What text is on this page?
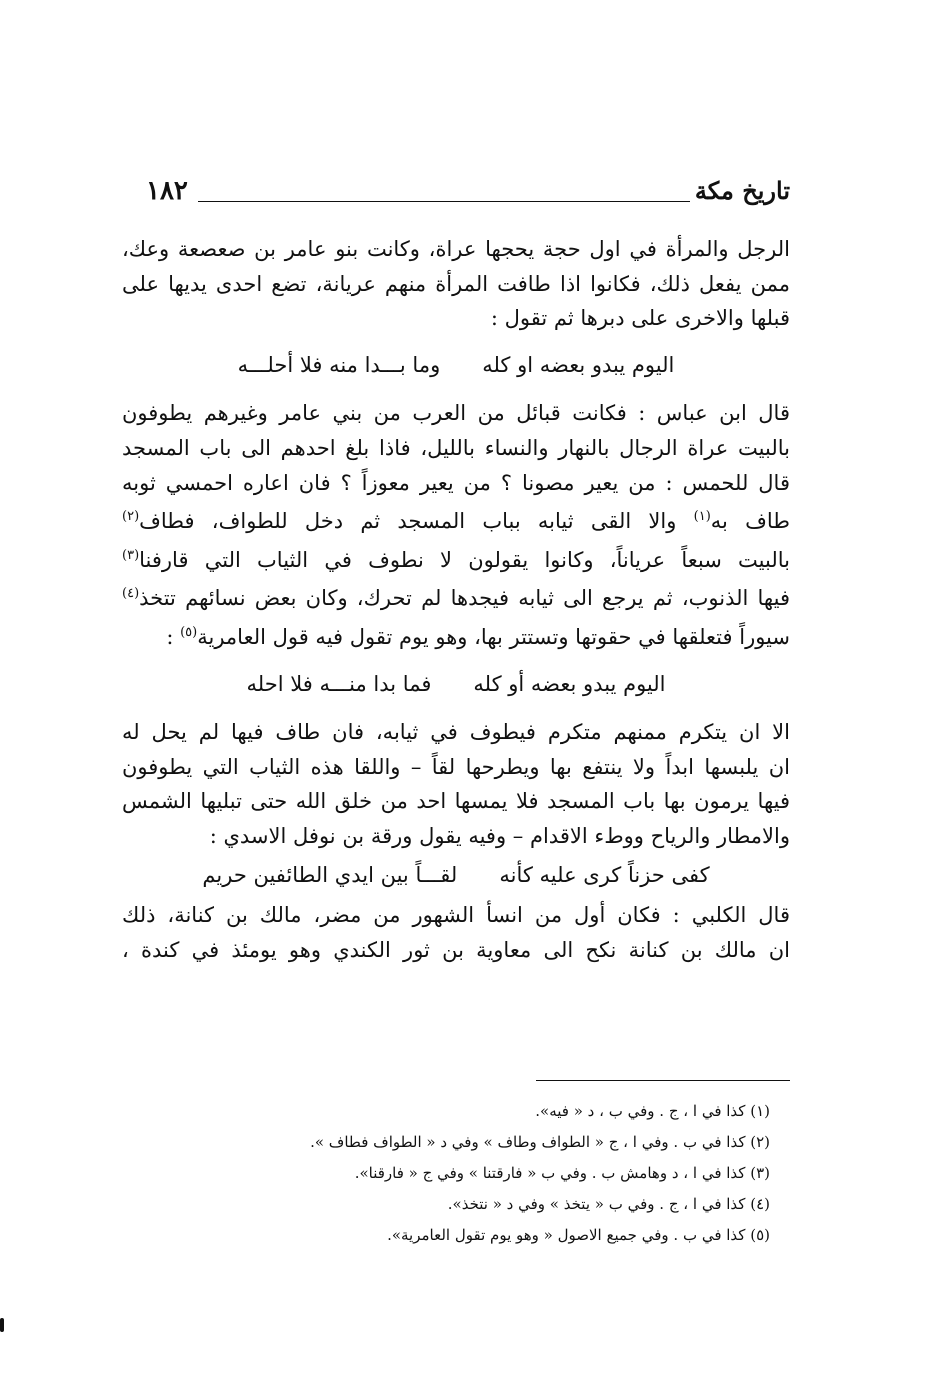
١٨٢	تاريخ مكة

الرجل والمرأة في اول حجة يحجها عراة، وكانت بنو عامر بن صعصعة وعك،
ممن يفعل ذلك، فكانوا اذا طافت المرأة منهم عريانة، تضع احدى يديها على
قبلها والاخرى على دبرها ثم تقول :

اليوم يبدو بعضه او كله
وما بـــدا منه فلا أحلـــه

قال ابن عباس : فكانت قبائل من العرب من بني عامر وغيرهم يطوفون
بالبيت عراة الرجال بالنهار والنساء بالليل، فاذا بلغ احدهم الى باب المسجد
قال للحمس : من يعير مصونا ؟ من يعير معوزاً ؟ فان اعاره احمسي ثوبه
طاف به$^{(١)}$ والا القى ثيابه بباب المسجد ثم دخل للطواف، فطاف$^{(٢)}$
بالبيت سبعاً عرياناً، وكانوا يقولون لا نطوف في الثياب التي قارفنا$^{(٣)}$
فيها الذنوب، ثم يرجع الى ثيابه فيجدها لم تحرك، وكان بعض نسائهم تتخذ$^{(٤)}$
سيوراً فتعلقها في حقوتها وتستتر بها، وهو يوم تقول فيه قول العامرية$^{(٥)}$ :

اليوم يبدو بعضه أو كله
فما بدا منـــه فلا احله

الا ان يتكرم ممنهم متكرم فيطوف في ثيابه، فان طاف فيها لم يحل له
ان يلبسها ابداً ولا ينتفع بها ويطرحها لقاً – واللقا هذه الثياب التي يطوفون
فيها يرمون بها باب المسجد فلا يمسها احد من خلق الله حتى تبليها الشمس
والامطار والرياح ووطء الاقدام – وفيه يقول ورقة بن نوفل الاسدي :

كفى حزناً كرى عليه كأنه
لقـــاً بين ايدي الطائفين حريم

قال الكلبي : فكان أول من انسأ الشهور من مضر، مالك بن كنانة، ذلك
ان مالك بن كنانة نكح الى معاوية بن ثور الكندي وهو يومئذ في كندة ،

(١) كذا في ا ، ج . وفي ب ، د « فيه».
(٢) كذا في ب . وفي ا ، ج « الطواف وطاف » وفي د « الطواف فطاف ».
(٣) كذا في ا ، د وهامش ب . وفي ب « فارقتنا » وفي ج « فارقنا».
(٤) كذا في ا ، ج . وفي ب « يتخذ » وفي د « نتخذ».
(٥) كذا في ب . وفي جميع الاصول « وهو يوم تقول العامرية».
